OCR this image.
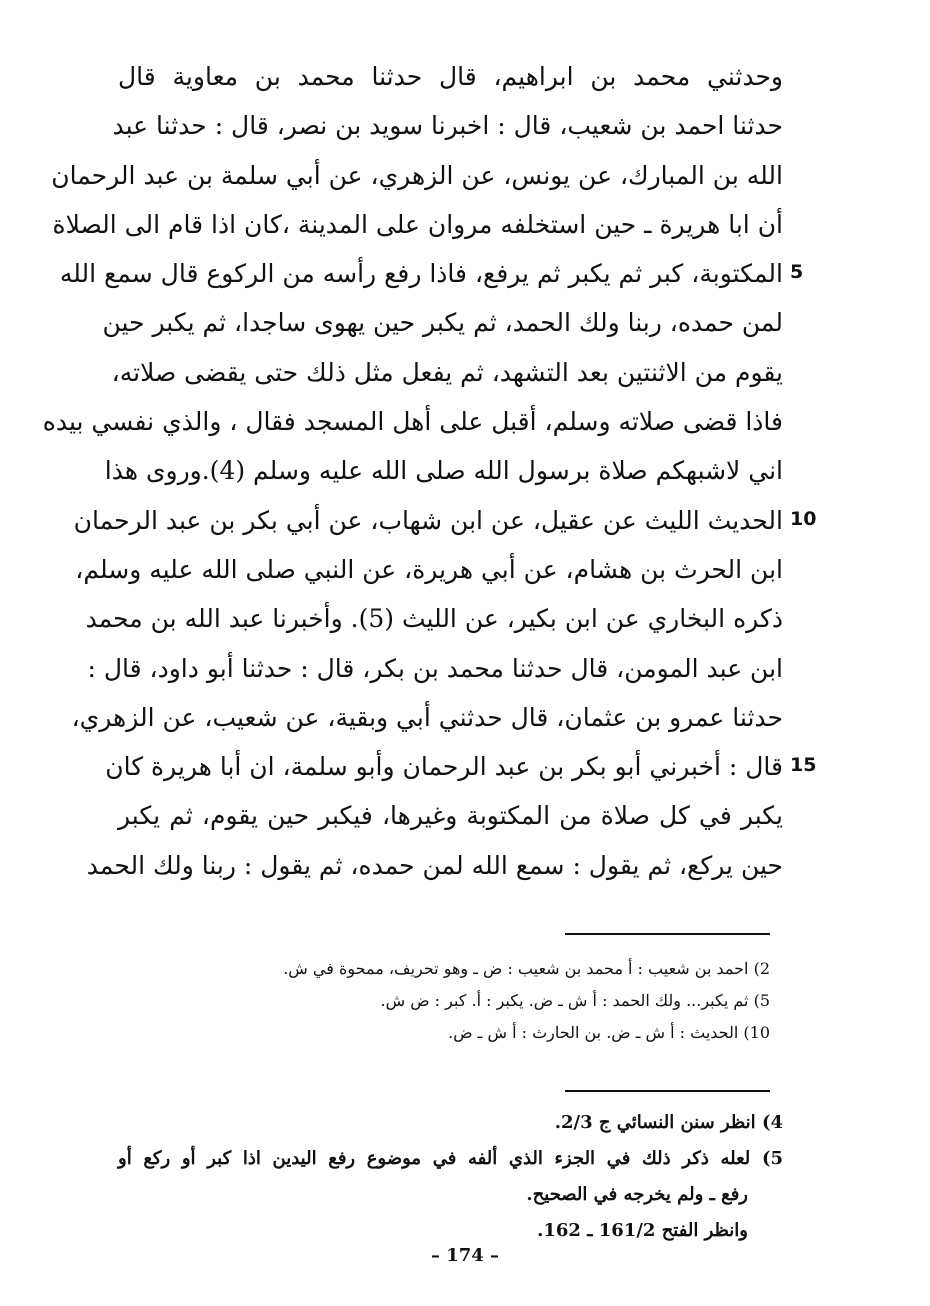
وحدثني محمد بن ابراهيم، قال حدثنا محمد بن معاوية قال
حدثنا احمد بن شعيب، قال : اخبرنا سويد بن نصر، قال : حدثنا عبد
الله بن المبارك، عن يونس، عن الزهري، عن أبي سلمة بن عبد الرحمان
أن ابا هريرة ـ حين استخلفه مروان على المدينة ،كان اذا قام الى الصلاة
المكتوبة، كبر ثم يكبر ثم يرفع، فاذا رفع رأسه من الركوع قال سمع الله
لمن حمده، ربنا ولك الحمد، ثم يكبر حين يهوى ساجدا، ثم يكبر حين
يقوم من الاثنتين بعد التشهد، ثم يفعل مثل ذلك حتى يقضى صلاته،
فاذا قضى صلاته وسلم، أقبل على أهل المسجد فقال ، والذي نفسي بيده
اني لاشبهكم صلاة برسول الله صلى الله عليه وسلم (4).وروى هذا
الحديث الليث عن عقيل، عن ابن شهاب، عن أبي بكر بن عبد الرحمان
ابن الحرث بن هشام، عن أبي هريرة، عن النبي صلى الله عليه وسلم،
ذكره البخاري عن ابن بكير، عن الليث (5). وأخبرنا عبد الله بن محمد
ابن عبد المومن، قال حدثنا محمد بن بكر، قال : حدثنا أبو داود، قال :
حدثنا عمرو بن عثمان، قال حدثني أبي وبقية، عن شعيب، عن الزهري،
قال : أخبرني أبو بكر بن عبد الرحمان وأبو سلمة، ان أبا هريرة كان
يكبر في كل صلاة من المكتوبة وغيرها، فيكبر حين يقوم، ثم يكبر
حين يركع، ثم يقول : سمع الله لمن حمده، ثم يقول : ربنا ولك الحمد
5
10
15
2) احمد بن شعيب : أ محمد بن شعيب : ض ـ وهو تحريف، ممحوة في ش.
5) ثم يكبر... ولك الحمد : أ ش ـ ض. يكبر : أ. كبر : ض ش.
10) الحديث : أ ش ـ ض. بن الحارث : أ ش ـ ض.
4) انظر سنن النسائي ج 2/3.
5) لعله ذكر ذلك في الجزء الذي ألفه في موضوع رفع اليدين اذا كبر أو ركع أو
رفع ـ ولم يخرجه في الصحيح.
وانظر الفتح 161/2 ـ 162.
– 174 –
